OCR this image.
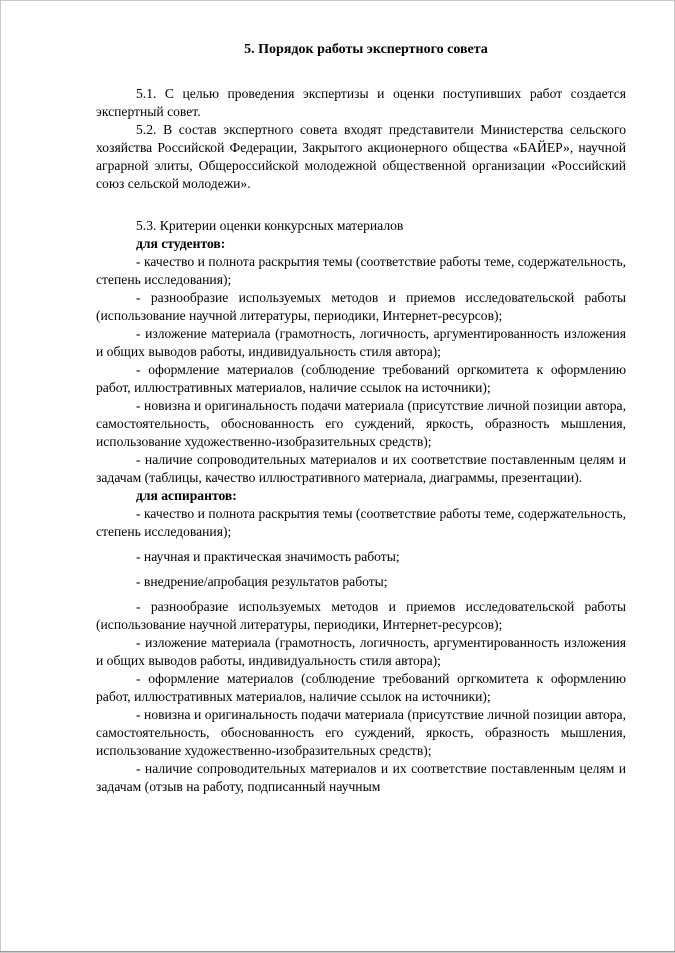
5. Порядок работы экспертного совета

5.1. С целью проведения экспертизы и оценки поступивших работ создается экспертный совет.

5.2. В состав экспертного совета входят представители Министерства сельского хозяйства Российской Федерации, Закрытого акционерного общества «БАЙЕР», научной аграрной элиты, Общероссийской молодежной общественной организации «Российский союз сельской молодежи».

5.3. Критерии оценки конкурсных материалов

для студентов:

- качество и полнота раскрытия темы (соответствие работы теме, содержательность, степень исследования);

- разнообразие используемых методов и приемов исследовательской работы (использование научной литературы, периодики, Интернет-ресурсов);

- изложение материала (грамотность, логичность, аргументированность изложения и общих выводов работы, индивидуальность стиля автора);

- оформление материалов (соблюдение требований оргкомитета к оформлению работ, иллюстративных материалов, наличие ссылок на источники);

- новизна и оригинальность подачи материала (присутствие личной позиции автора, самостоятельность, обоснованность его суждений, яркость, образность мышления, использование художественно-изобразительных средств);

- наличие сопроводительных материалов и их соответствие поставленным целям и задачам (таблицы, качество иллюстративного материала, диаграммы, презентации).

для аспирантов:

- качество и полнота раскрытия темы (соответствие работы теме, содержательность, степень исследования);

- научная и практическая значимость работы;

- внедрение/апробация результатов работы;

- разнообразие используемых методов и приемов исследовательской работы (использование научной литературы, периодики, Интернет-ресурсов);

- изложение материала (грамотность, логичность, аргументированность изложения и общих выводов работы, индивидуальность стиля автора);

- оформление материалов (соблюдение требований оргкомитета к оформлению работ, иллюстративных материалов, наличие ссылок на источники);

- новизна и оригинальность подачи материала (присутствие личной позиции автора, самостоятельность, обоснованность его суждений, яркость, образность мышления, использование художественно-изобразительных средств);

- наличие сопроводительных материалов и их соответствие поставленным целям и задачам (отзыв на работу, подписанный научным
